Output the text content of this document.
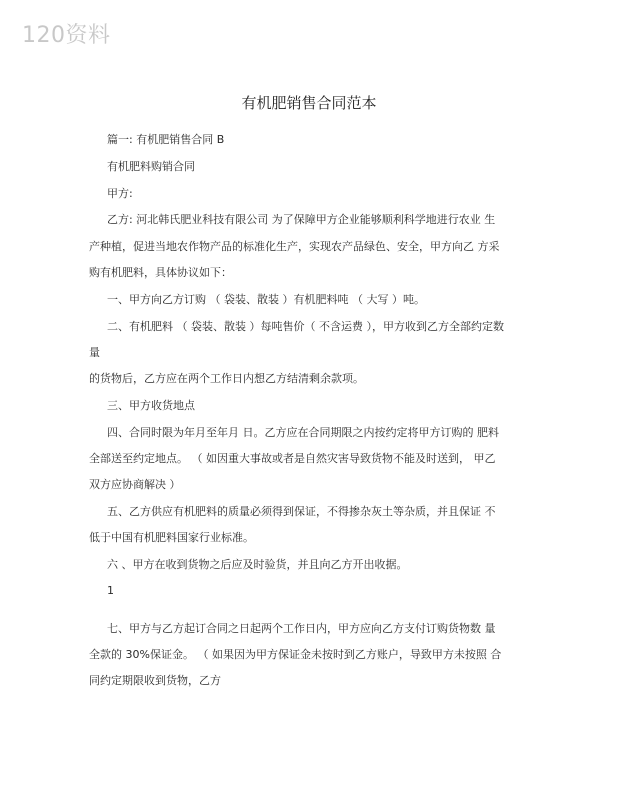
120资料
有机肥销售合同范本
篇一: 有机肥销售合同 B
有机肥料购销合同
甲方:
乙方: 河北韩氏肥业科技有限公司 为了保障甲方企业能够顺利科学地进行农业 生
产种植，促进当地农作物产品的标准化生产，实现农产品绿色、安全，甲方向乙 方采
购有机肥料，具体协议如下：
一、甲方向乙方订购 （ 袋装、散装 ）有机肥料吨 （ 大写 ）吨。
二、有机肥料 （ 袋装、散装 ）每吨售价（ 不含运费 ），甲方收到乙方全部约定数
量
的货物后，乙方应在两个工作日内想乙方结清剩余款项。
三、甲方收货地点
四、合同时限为年月至年月 日。乙方应在合同期限之内按约定将甲方订购的 肥料
全部送至约定地点。 （ 如因重大事故或者是自然灾害导致货物不能及时送到， 甲乙
双方应协商解决 ）
五、乙方供应有机肥料的质量必须得到保证，不得掺杂灰土等杂质，并且保证 不
低于中国有机肥料国家行业标准。
六 、甲方在收到货物之后应及时验货，并且向乙方开出收据。
1
七、甲方与乙方起订合同之日起两个工作日内，甲方应向乙方支付订购货物数 量
全款的 30%保证金。 （ 如果因为甲方保证金未按时到乙方账户，导致甲方未按照 合
同约定期限收到货物，乙方
